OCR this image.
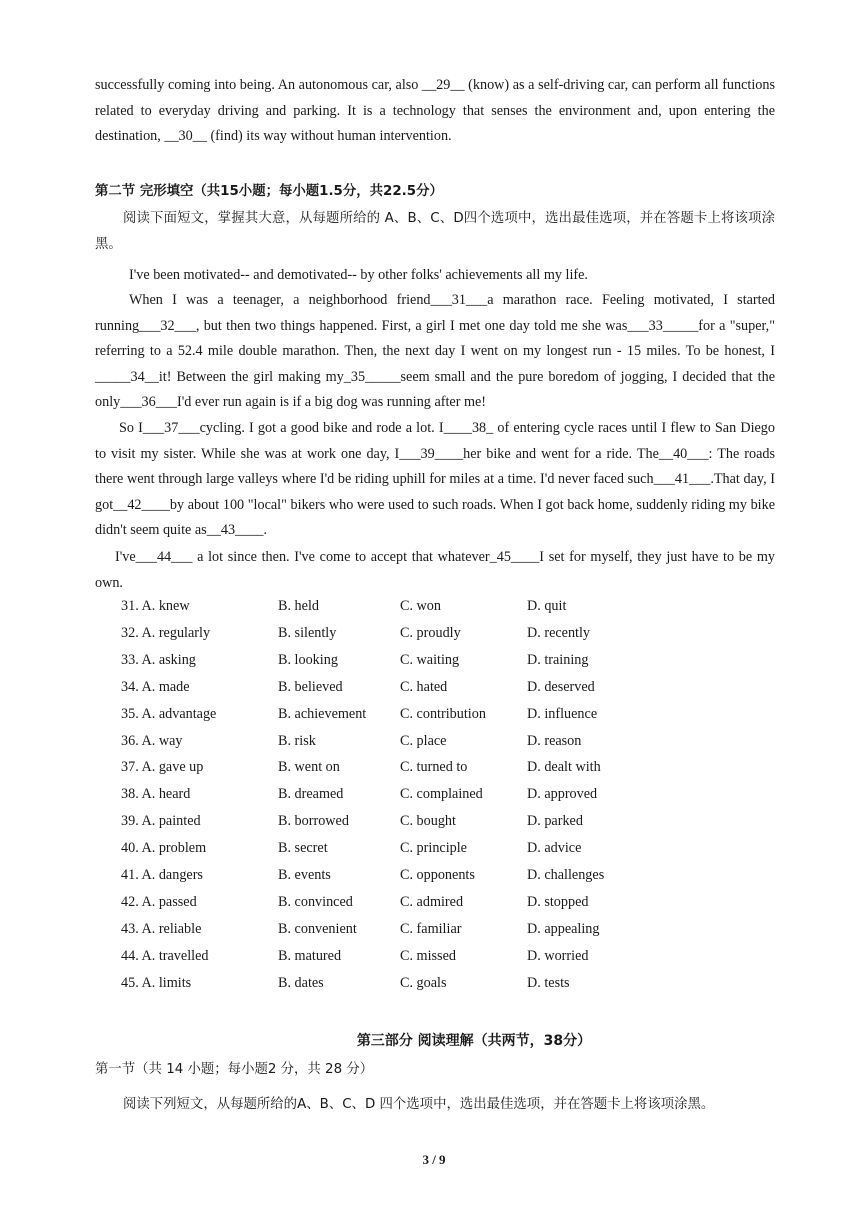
successfully coming into being. An autonomous car, also __29__ (know) as a self-driving car, can perform all functions related to everyday driving and parking. It is a technology that senses the environment and, upon entering the destination, __30__ (find) its way without human intervention.
第二节 完形填空（共15小题；每小题1.5分，共22.5分）
阅读下面短文，掌握其大意，从每题所给的 A、B、C、D四个选项中，选出最佳选项，并在答题卡上将该项涂黑。
I've been motivated-- and demotivated-- by other folks' achievements all my life.
When I was a teenager, a neighborhood friend___31___a marathon race. Feeling motivated, I started running___32___, but then two things happened. First, a girl I met one day told me she was___33_____for a "super," referring to a 52.4 mile double marathon. Then, the next day I went on my longest run - 15 miles. To be honest, I _____34__it! Between the girl making my_35_____seem small and the pure boredom of jogging, I decided that the only___36___I'd ever run again is if a big dog was running after me!
So I___37___cycling. I got a good bike and rode a lot. I____38_ of entering cycle races until I flew to San Diego to visit my sister. While she was at work one day, I___39____her bike and went for a ride. The__40___: The roads there went through large valleys where I'd be riding uphill for miles at a time. I'd never faced such___41___.That day, I got__42____by about 100 "local" bikers who were used to such roads. When I got back home, suddenly riding my bike didn't seem quite as__43____.
I've___44___ a lot since then. I've come to accept that whatever_45____I set for myself, they just have to be my own.
31. A. knew	B. held	C. won	D. quit
32. A. regularly	B. silently	C. proudly	D. recently
33. A. asking	B. looking	C. waiting	D. training
34. A. made	B. believed	C. hated	D. deserved
35. A. advantage	B. achievement C. contribution	D. influence
36. A. way	B. risk	C. place	D. reason
37. A. gave up	B. went on	C. turned to	D. dealt with
38. A. heard	B. dreamed	C. complained	D. approved
39. A. painted	B. borrowed	C. bought	D. parked
40. A. problem	B. secret	C. principle	D. advice
41. A. dangers	B. events	C. opponents	D. challenges
42. A. passed	B. convinced	C. admired	D. stopped
43. A. reliable	B. convenient	C. familiar	D. appealing
44. A. travelled	B. matured	C. missed	D. worried
45. A. limits	B. dates	C. goals	D. tests
第三部分 阅读理解（共两节，38分）
第一节（共 14 小题；每小题2 分，共 28 分）
阅读下列短文，从每题所给的A、B、C、D 四个选项中，选出最佳选项，并在答题卡上将该项涂黑。
3 / 9
